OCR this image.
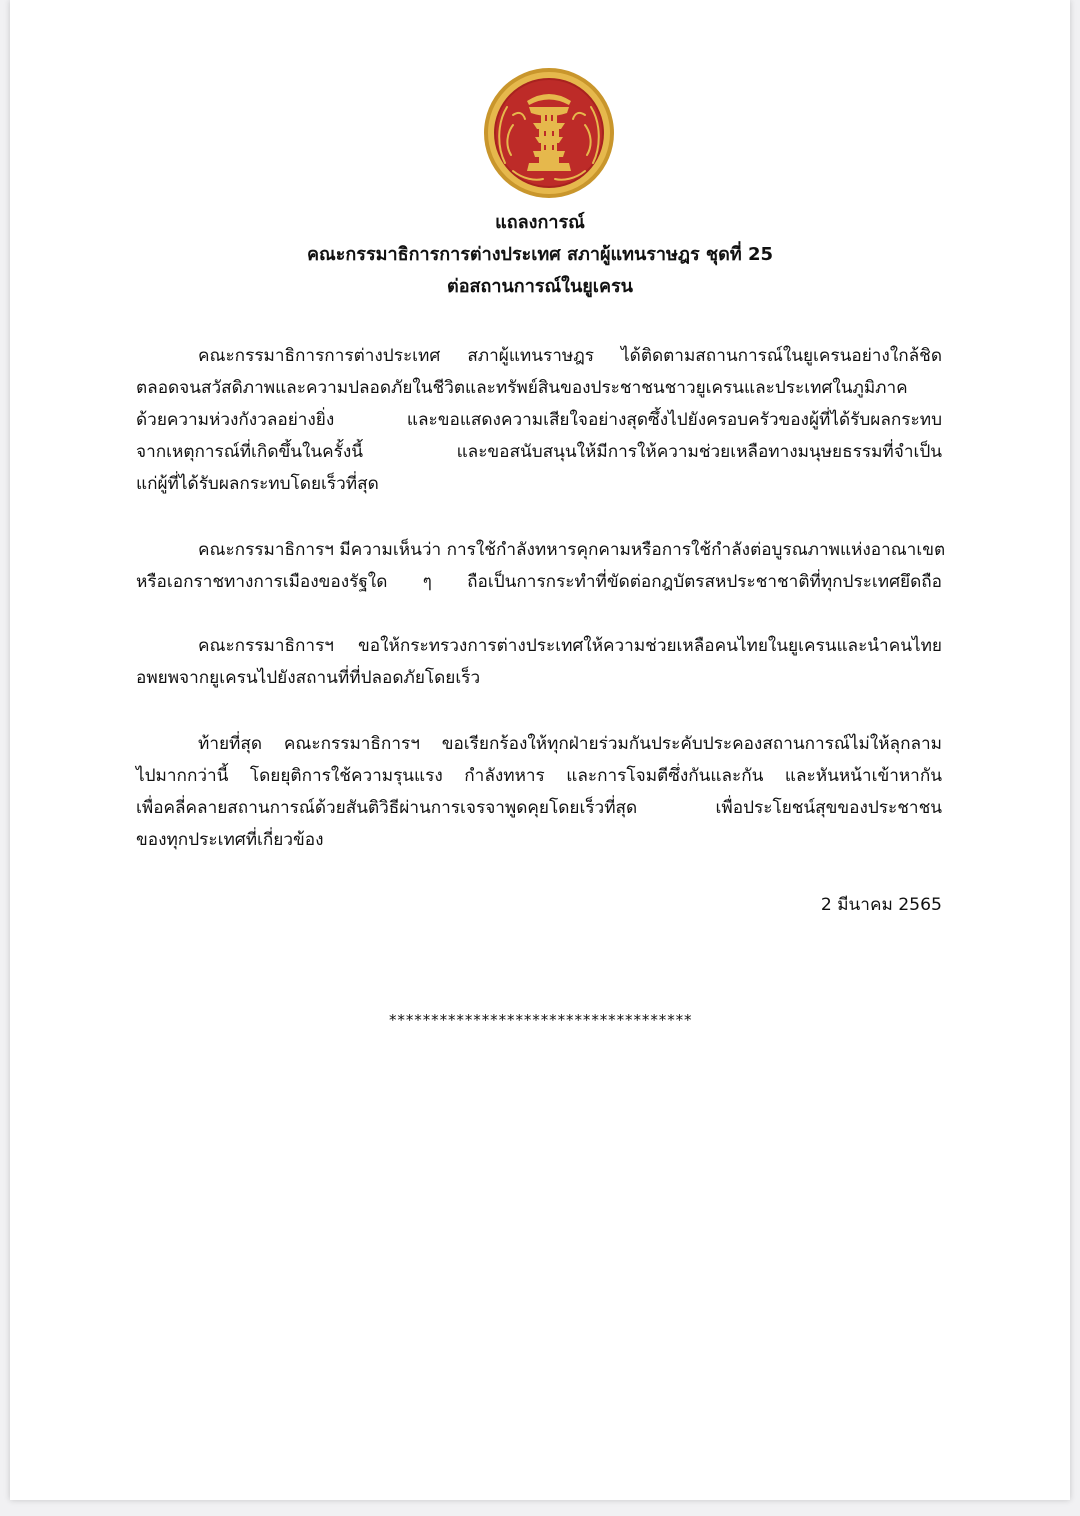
แถลงการณ์
คณะกรรมาธิการการต่างประเทศ สภาผู้แทนราษฎร ชุดที่ 25
ต่อสถานการณ์ในยูเครน
คณะกรรมาธิการการต่างประเทศ สภาผู้แทนราษฎร ได้ติดตามสถานการณ์ในยูเครนอย่างใกล้ชิด
ตลอดจนสวัสดิภาพและความปลอดภัยในชีวิตและทรัพย์สินของประชาชนชาวยูเครนและประเทศในภูมิภาค
ด้วยความห่วงกังวลอย่างยิ่ง และขอแสดงความเสียใจอย่างสุดซึ้งไปยังครอบครัวของผู้ที่ได้รับผลกระทบ
จากเหตุการณ์ที่เกิดขึ้นในครั้งนี้ และขอสนับสนุนให้มีการให้ความช่วยเหลือทางมนุษยธรรมที่จำเป็น
แก่ผู้ที่ได้รับผลกระทบโดยเร็วที่สุด
คณะกรรมาธิการฯ มีความเห็นว่า การใช้กำลังทหารคุกคามหรือการใช้กำลังต่อบูรณภาพแห่งอาณาเขต
หรือเอกราชทางการเมืองของรัฐใด ๆ ถือเป็นการกระทำที่ขัดต่อกฎบัตรสหประชาชาติที่ทุกประเทศยึดถือ
คณะกรรมาธิการฯ ขอให้กระทรวงการต่างประเทศให้ความช่วยเหลือคนไทยในยูเครนและนำคนไทย
อพยพจากยูเครนไปยังสถานที่ที่ปลอดภัยโดยเร็ว
ท้ายที่สุด คณะกรรมาธิการฯ ขอเรียกร้องให้ทุกฝ่ายร่วมกันประคับประคองสถานการณ์ไม่ให้ลุกลาม
ไปมากกว่านี้ โดยยุติการใช้ความรุนแรง กำลังทหาร และการโจมตีซึ่งกันและกัน และหันหน้าเข้าหากัน
เพื่อคลี่คลายสถานการณ์ด้วยสันติวิธีผ่านการเจรจาพูดคุยโดยเร็วที่สุด เพื่อประโยชน์สุขของประชาชน
ของทุกประเทศที่เกี่ยวข้อง
2 มีนาคม 2565
************************************
